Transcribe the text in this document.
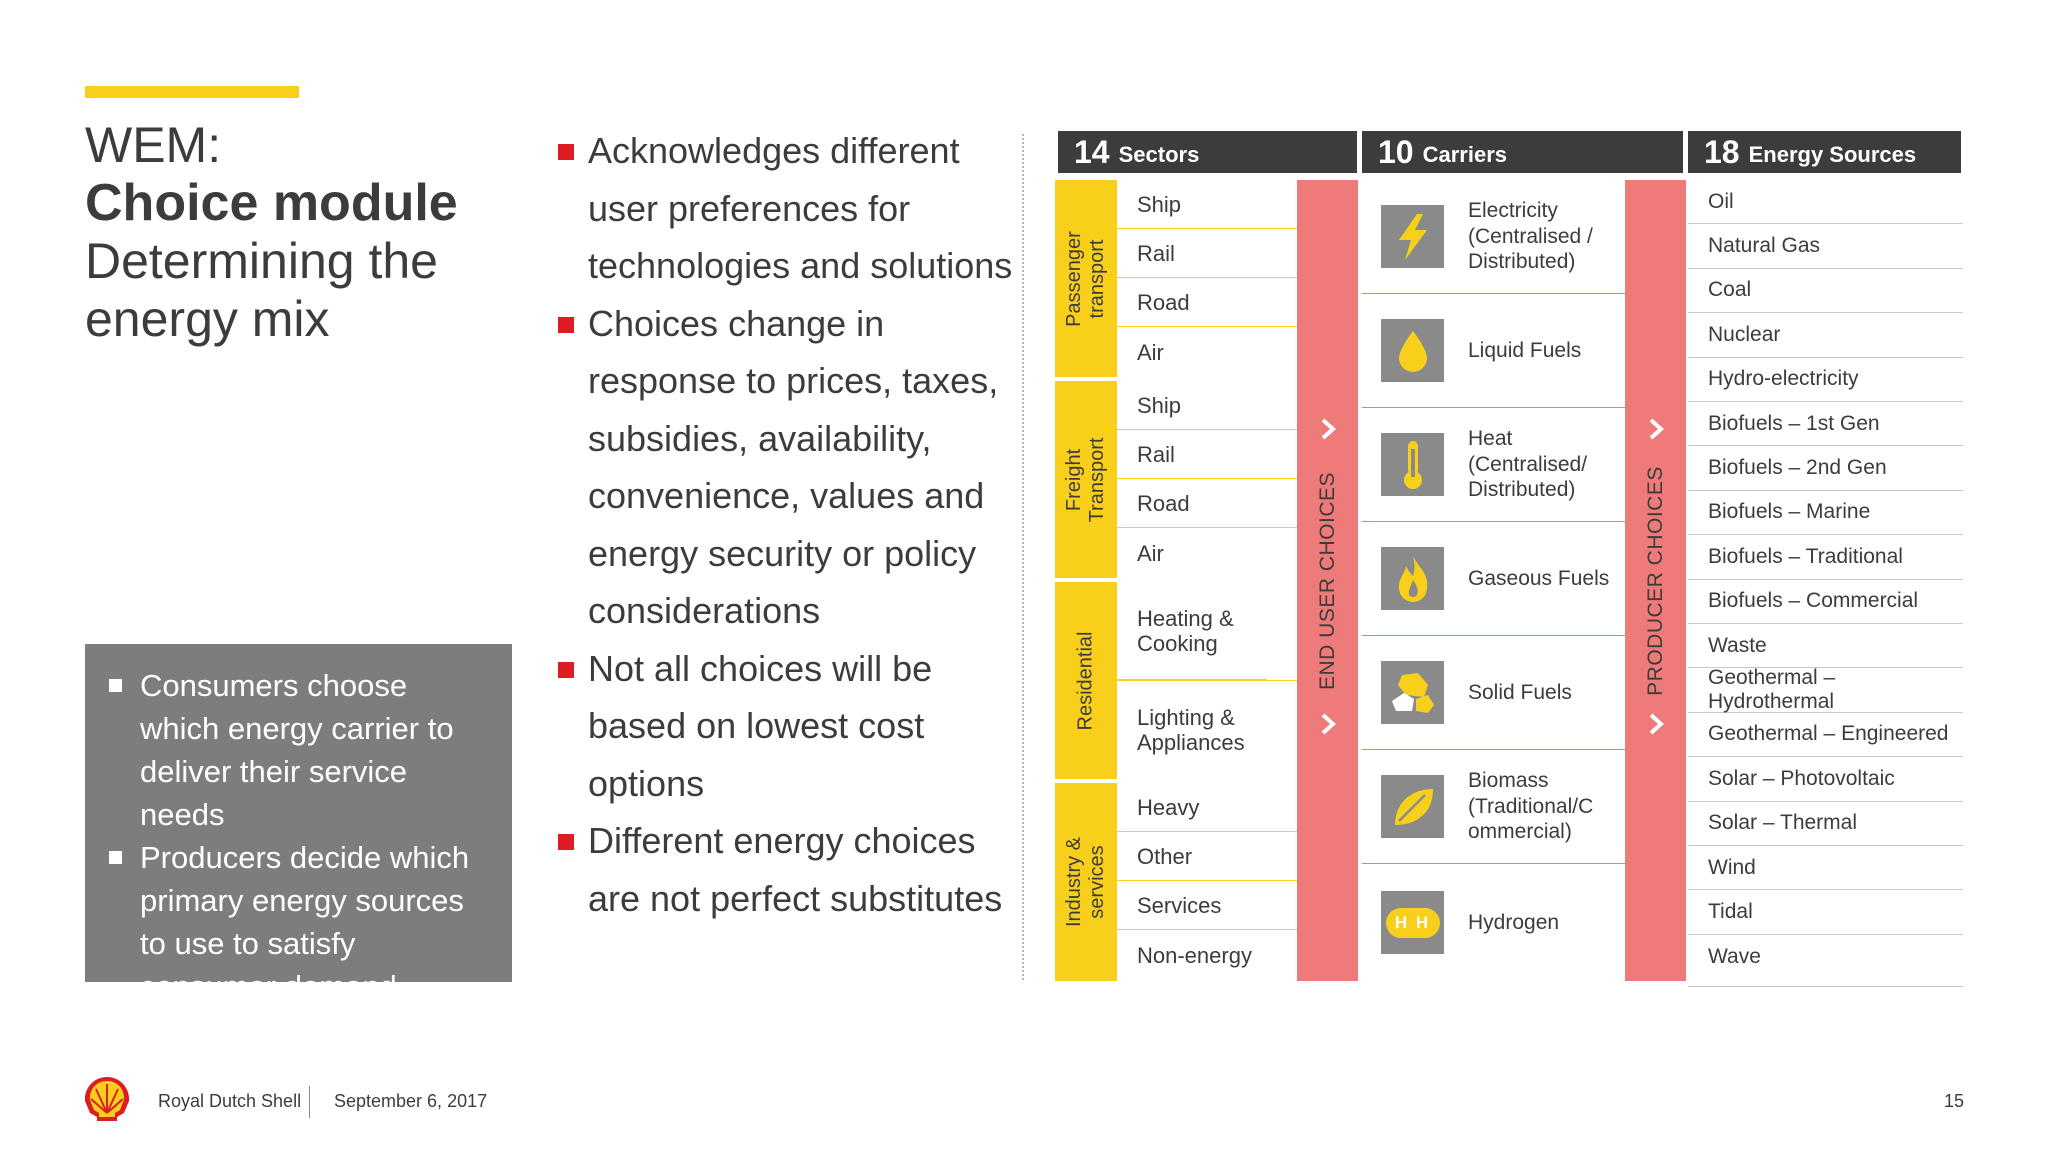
WEM:
Choice module
Determining the energy mix
Consumers choose which energy carrier to deliver their service needs
Producers decide which primary energy sources to use to satisfy consumer demand
Acknowledges different user preferences for technologies and solutions
Choices change in response to prices, taxes, subsidies, availability, convenience, values and energy security or policy considerations
Not all choices will be based on lowest cost options
Different energy choices are not perfect substitutes
14 Sectors	10 Carriers	18 Energy Sources
Passenger transport
Ship
Rail
Road
Air
Freight Transport
Ship
Rail
Road
Air
Residential
Heating & Cooking
Lighting & Appliances
Industry & services
Heavy
Other
Services
Non-energy
END USER CHOICES
Electricity (Centralised / Distributed)
Liquid Fuels
Heat (Centralised/ Distributed)
Gaseous Fuels
Solid Fuels
Biomass (Traditional/C ommercial)
H H	Hydrogen
PRODUCER CHOICES
Oil
Natural Gas
Coal
Nuclear
Hydro-electricity
Biofuels – 1st Gen
Biofuels – 2nd Gen
Biofuels – Marine
Biofuels – Traditional
Biofuels – Commercial
Waste
Geothermal – Hydrothermal
Geothermal – Engineered
Solar – Photovoltaic
Solar – Thermal
Wind
Tidal
Wave
Royal Dutch Shell September 6, 2017	15
